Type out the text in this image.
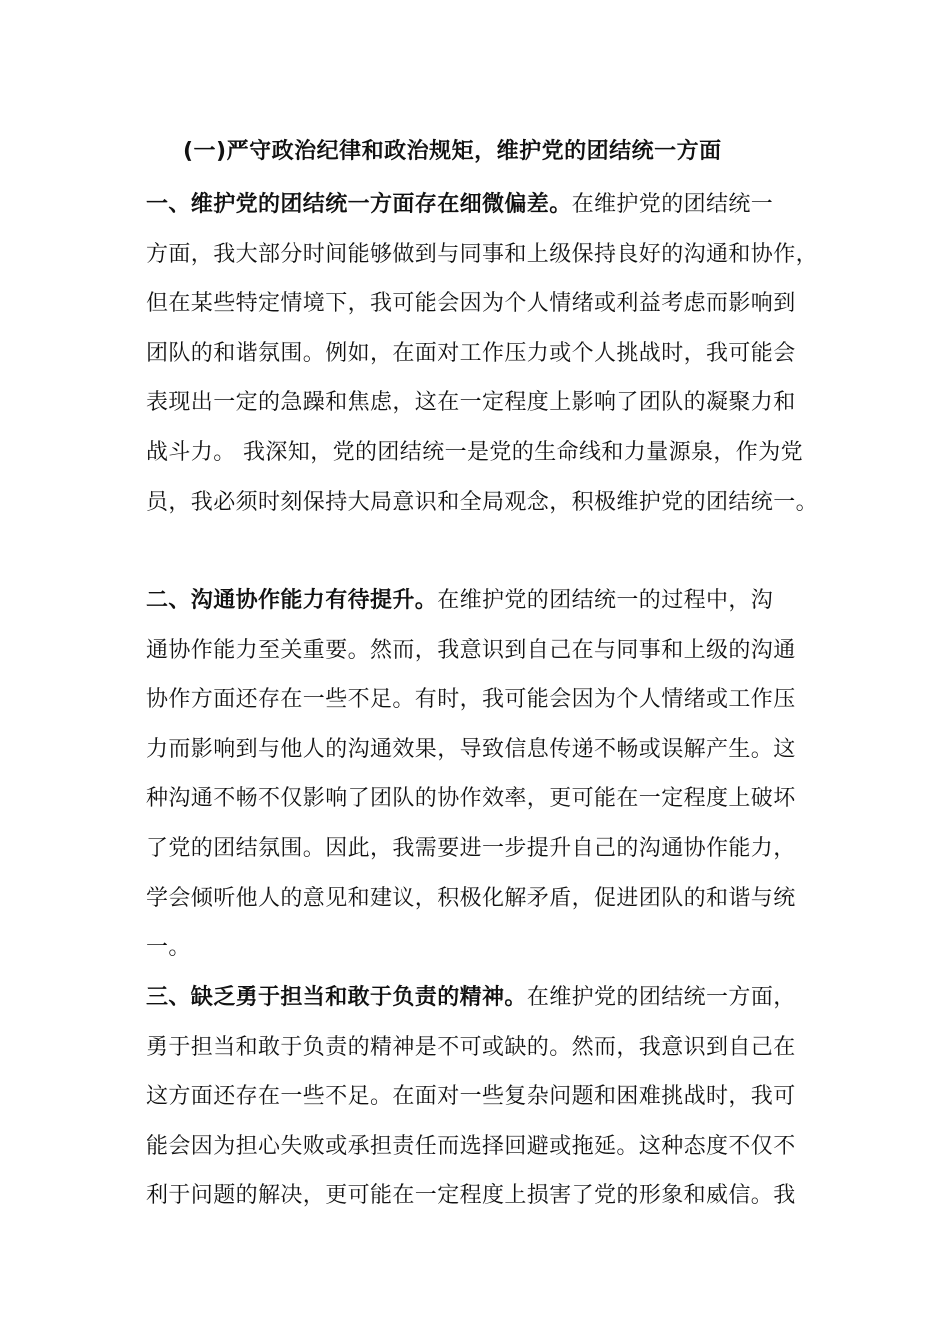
(一)严守政治纪律和政治规矩，维护党的团结统一方面
一、维护党的团结统一方面存在细微偏差。在维护党的团结统一
方面，我大部分时间能够做到与同事和上级保持良好的沟通和协作，
但在某些特定情境下，我可能会因为个人情绪或利益考虑而影响到
团队的和谐氛围。例如，在面对工作压力或个人挑战时，我可能会
表现出一定的急躁和焦虑，这在一定程度上影响了团队的凝聚力和
战斗力。 我深知，党的团结统一是党的生命线和力量源泉，作为党
员，我必须时刻保持大局意识和全局观念，积极维护党的团结统一。
二、沟通协作能力有待提升。在维护党的团结统一的过程中，沟
通协作能力至关重要。然而，我意识到自己在与同事和上级的沟通
协作方面还存在一些不足。有时，我可能会因为个人情绪或工作压
力而影响到与他人的沟通效果，导致信息传递不畅或误解产生。这
种沟通不畅不仅影响了团队的协作效率，更可能在一定程度上破坏
了党的团结氛围。因此，我需要进一步提升自己的沟通协作能力，
学会倾听他人的意见和建议，积极化解矛盾，促进团队的和谐与统
一。
三、缺乏勇于担当和敢于负责的精神。在维护党的团结统一方面，
勇于担当和敢于负责的精神是不可或缺的。然而，我意识到自己在
这方面还存在一些不足。在面对一些复杂问题和困难挑战时，我可
能会因为担心失败或承担责任而选择回避或拖延。这种态度不仅不
利于问题的解决，更可能在一定程度上损害了党的形象和威信。我
